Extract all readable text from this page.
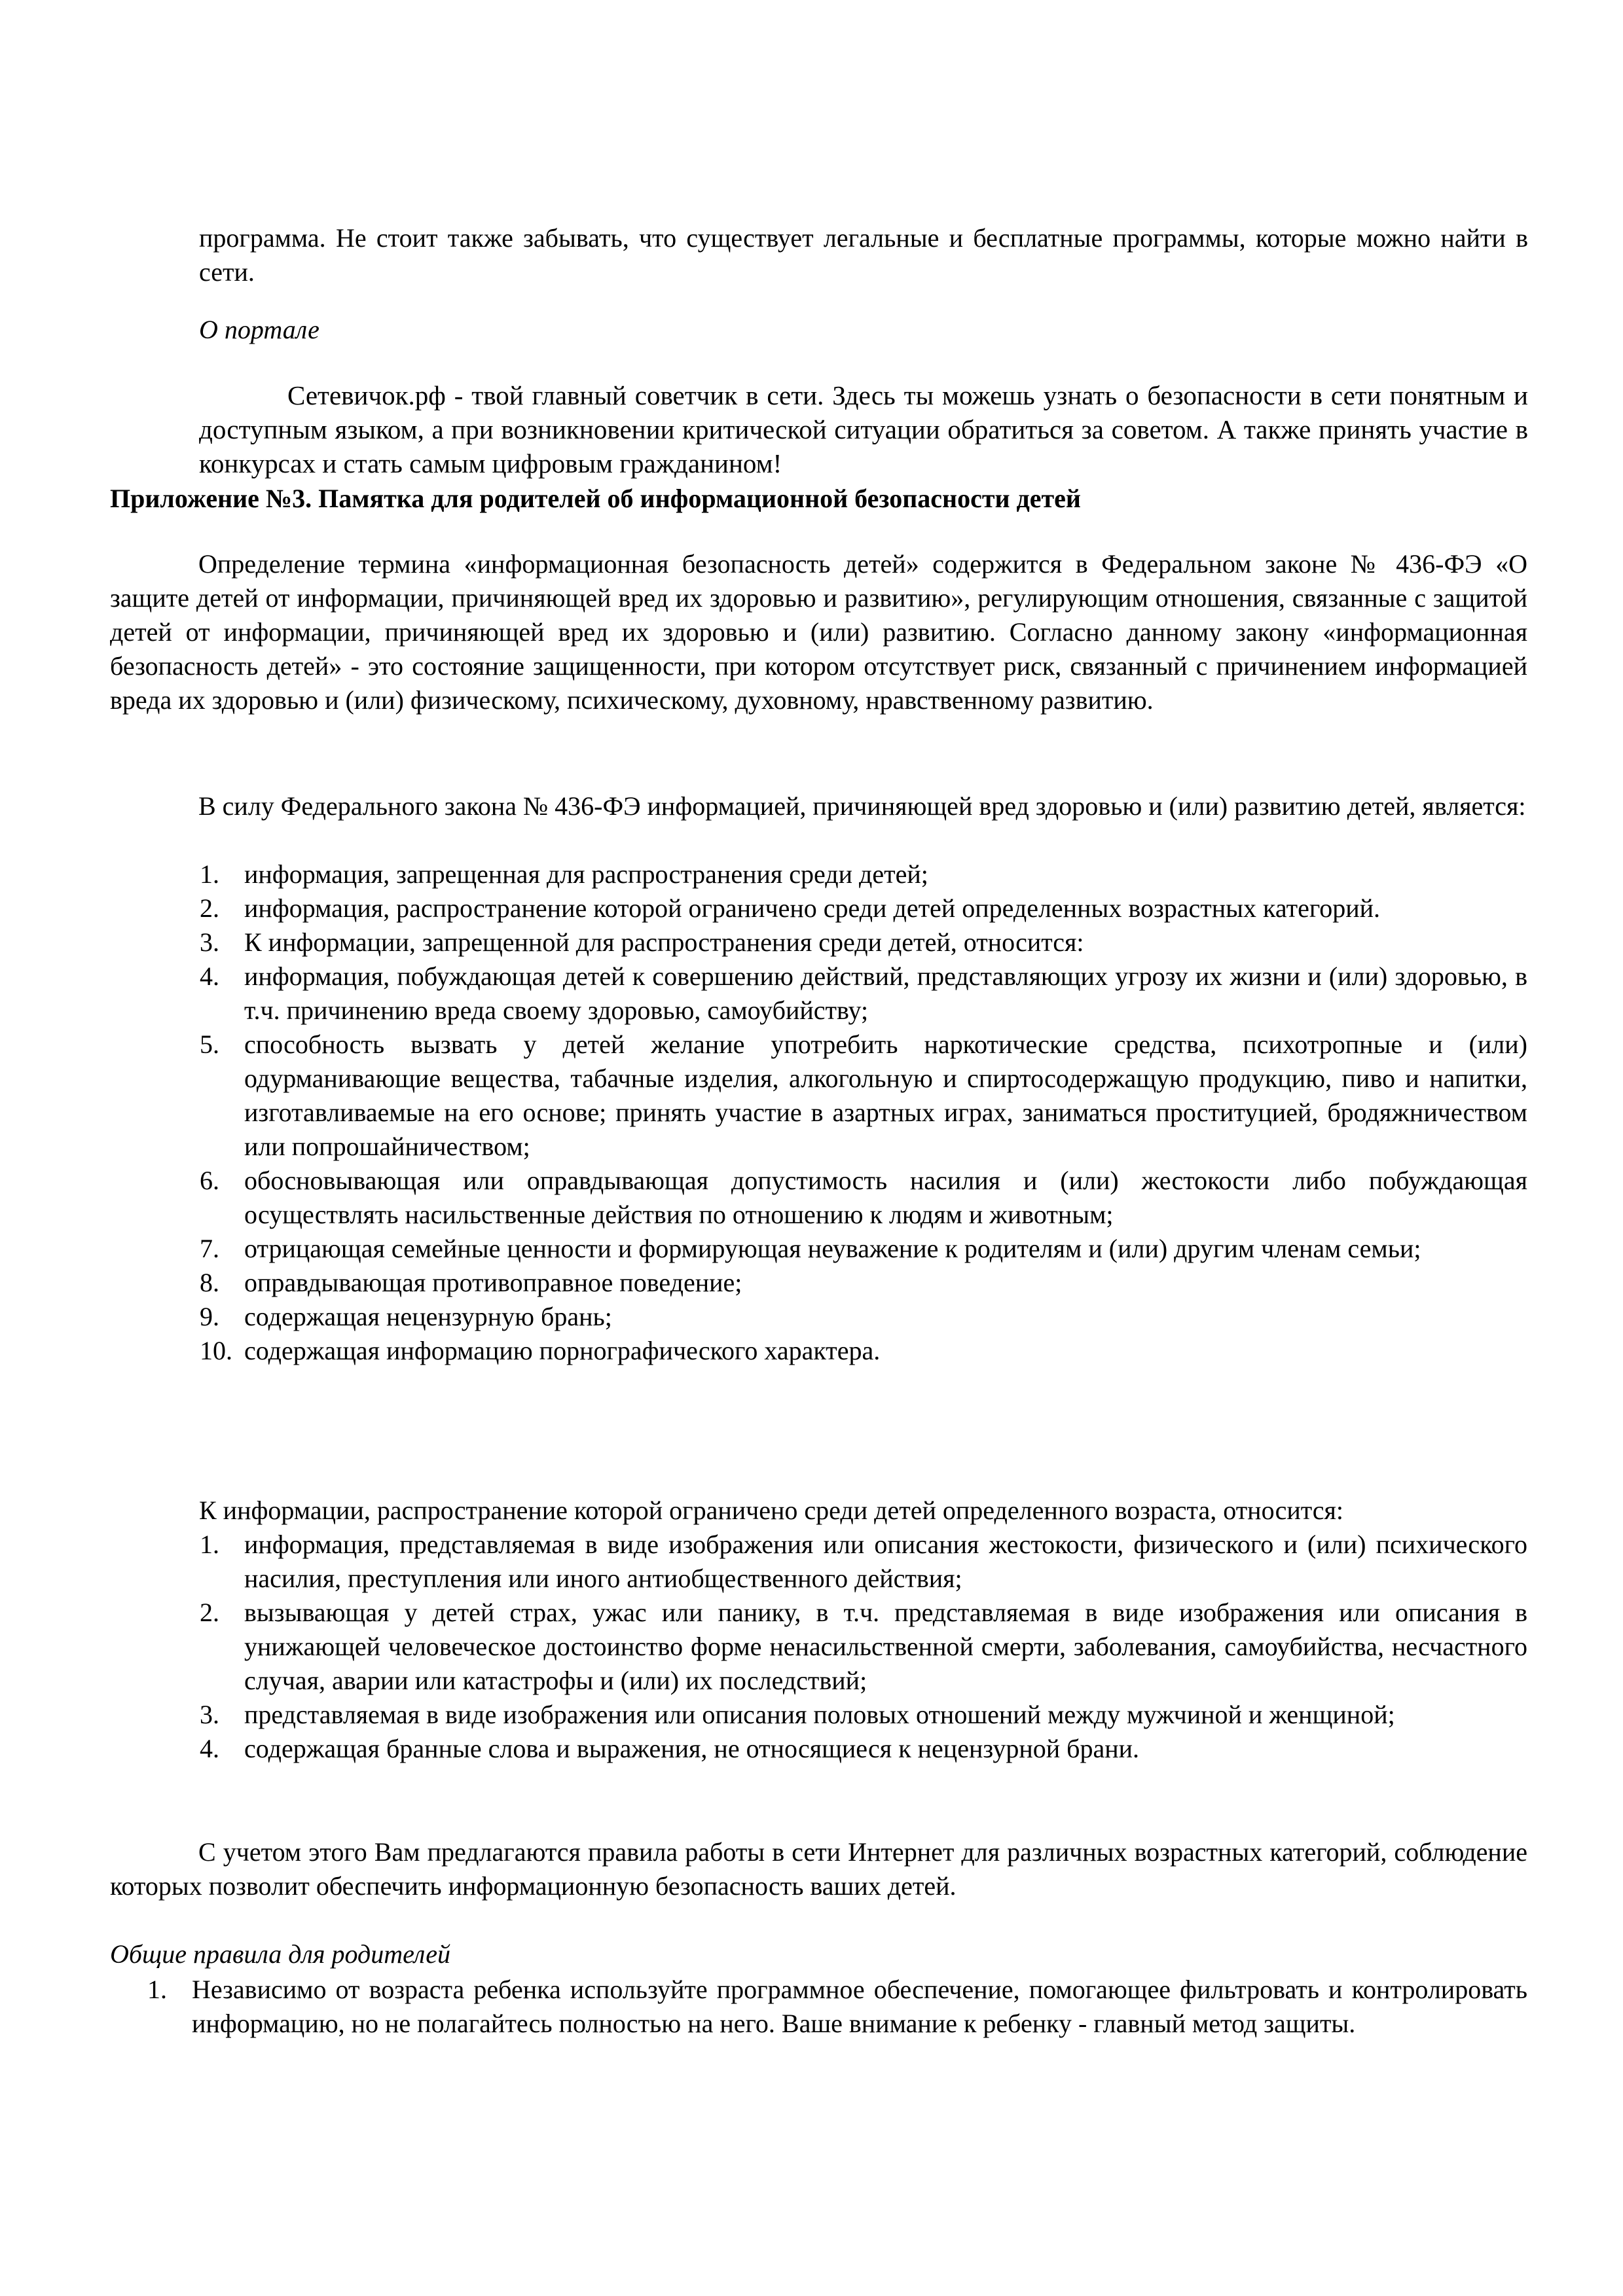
программа. Не стоит также забывать, что существует легальные и бесплатные программы, которые можно найти в сети.

О портале

Сетевичок.рф - твой главный советчик в сети. Здесь ты можешь узнать о безопасности в сети понятным и доступным языком, а при возникновении критической ситуации обратиться за советом. А также принять участие в конкурсах и стать самым цифровым гражданином!

Приложение №3. Памятка для родителей об информационной безопасности детей

Определение термина «информационная безопасность детей» содержится в Федеральном законе № 436-ФЭ «О защите детей от информации, причиняющей вред их здоровью и развитию», регулирующим отношения, связанные с защитой детей от информации, причиняющей вред их здоровью и (или) развитию. Согласно данному закону «информационная безопасность детей» - это состояние защищенности, при котором отсутствует риск, связанный с причинением информацией вреда их здоровью и (или) физическому, психическому, духовному, нравственному развитию.

В силу Федерального закона № 436-ФЭ информацией, причиняющей вред здоровью и (или) развитию детей, является:

1. информация, запрещенная для распространения среди детей;
2. информация, распространение которой ограничено среди детей определенных возрастных категорий.
3. К информации, запрещенной для распространения среди детей, относится:
4. информация, побуждающая детей к совершению действий, представляющих угрозу их жизни и (или) здоровью, в т.ч. причинению вреда своему здоровью, самоубийству;
5. способность вызвать у детей желание употребить наркотические средства, психотропные и (или) одурманивающие вещества, табачные изделия, алкогольную и спиртосодержащую продукцию, пиво и напитки, изготавливаемые на его основе; принять участие в азартных играх, заниматься проституцией, бродяжничеством или попрошайничеством;
6. обосновывающая или оправдывающая допустимость насилия и (или) жестокости либо побуждающая осуществлять насильственные действия по отношению к людям и животным;
7. отрицающая семейные ценности и формирующая неуважение к родителям и (или) другим членам семьи;
8. оправдывающая противоправное поведение;
9. содержащая нецензурную брань;
10. содержащая информацию порнографического характера.

К информации, распространение которой ограничено среди детей определенного возраста, относится:

1. информация, представляемая в виде изображения или описания жестокости, физического и (или) психического насилия, преступления или иного антиобщественного действия;
2. вызывающая у детей страх, ужас или панику, в т.ч. представляемая в виде изображения или описания в унижающей человеческое достоинство форме ненасильственной смерти, заболевания, самоубийства, несчастного случая, аварии или катастрофы и (или) их последствий;
3. представляемая в виде изображения или описания половых отношений между мужчиной и женщиной;
4. содержащая бранные слова и выражения, не относящиеся к нецензурной брани.

С учетом этого Вам предлагаются правила работы в сети Интернет для различных возрастных категорий, соблюдение которых позволит обеспечить информационную безопасность ваших детей.

Общие правила для родителей

1. Независимо от возраста ребенка используйте программное обеспечение, помогающее фильтровать и контролировать информацию, но не полагайтесь полностью на него. Ваше внимание к ребенку - главный метод защиты.
